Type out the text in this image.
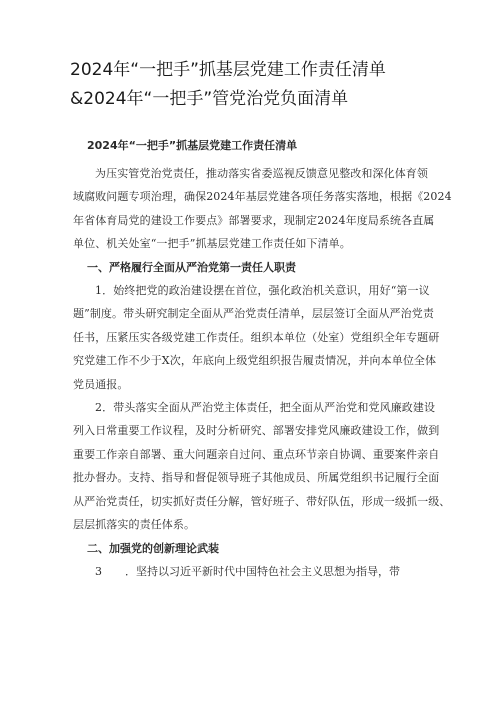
2024年“一把手”抓基层党建工作责任清单
&2024年“一把手”管党治党负面清单

2024年“一把手”抓基层党建工作责任清单

为压实管党治党责任，推动落实省委巡视反馈意见整改和深化体育领
域腐败问题专项治理，确保2024年基层党建各项任务落实落地，根据《2024
年省体育局党的建设工作要点》部署要求，现制定2024年度局系统各直属
单位、机关处室“一把手”抓基层党建工作责任如下清单。

一、严格履行全面从严治党第一责任人职责

1．始终把党的政治建设摆在首位，强化政治机关意识，用好“第一议
题”制度。带头研究制定全面从严治党责任清单，层层签订全面从严治党责
任书，压紧压实各级党建工作责任。组织本单位（处室）党组织全年专题研
究党建工作不少于X次，年底向上级党组织报告履责情况，并向本单位全体
党员通报。

2．带头落实全面从严治党主体责任，把全面从严治党和党风廉政建设
列入日常重要工作议程，及时分析研究、部署安排党风廉政建设工作，做到
重要工作亲自部署、重大问题亲自过问、重点环节亲自协调、重要案件亲自
批办督办。支持、指导和督促领导班子其他成员、所属党组织书记履行全面
从严治党责任，切实抓好责任分解，管好班子、带好队伍，形成一级抓一级、
层层抓落实的责任体系。

二、加强党的创新理论武装

3 ．坚持以习近平新时代中国特色社会主义思想为指导，带
